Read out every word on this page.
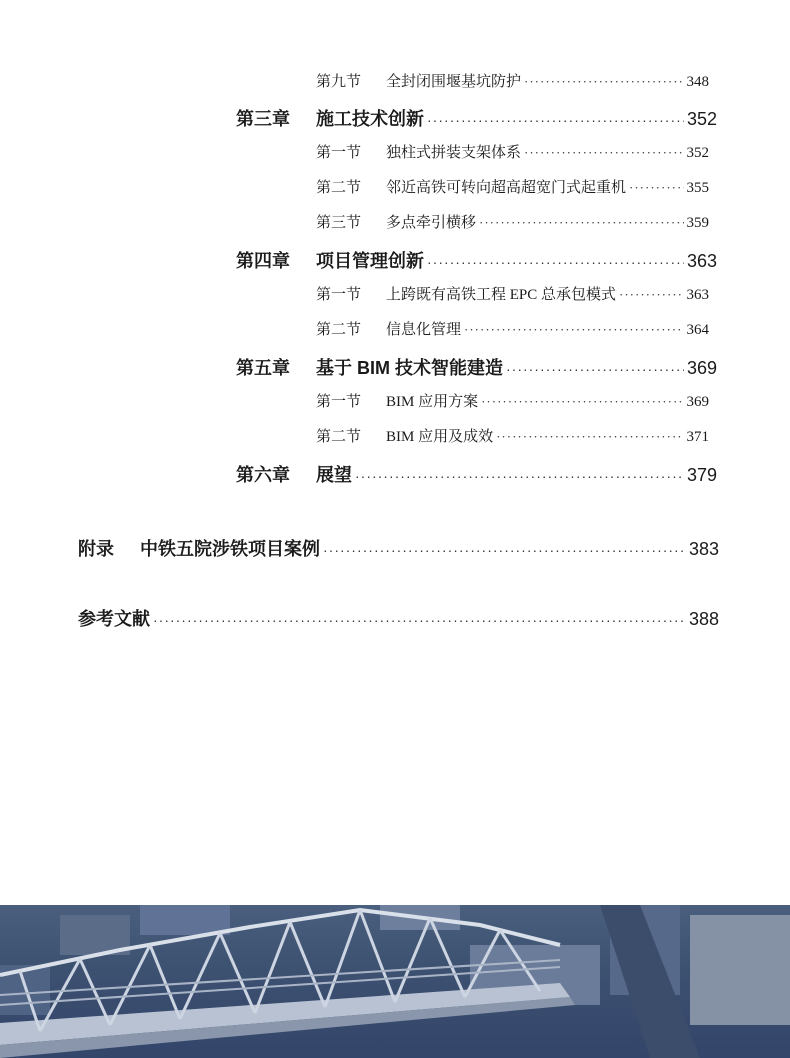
第九节	全封闭围堰基坑防护 ·····	348
第三章	施工技术创新 ·····	352
第一节	独柱式拼装支架体系 ·····	352
第二节	邻近高铁可转向超高超宽门式起重机 ·····	355
第三节	多点牵引横移 ·····	359
第四章	项目管理创新 ·····	363
第一节	上跨既有高铁工程 EPC 总承包模式 ·····	363
第二节	信息化管理 ·····	364
第五章	基于 BIM 技术智能建造 ·····	369
第一节	BIM 应用方案 ·····	369
第二节	BIM 应用及成效 ·····	371
第六章	展望 ·····	379
附录	中铁五院涉铁项目案例 ·····	383
参考文献 ·····	388
